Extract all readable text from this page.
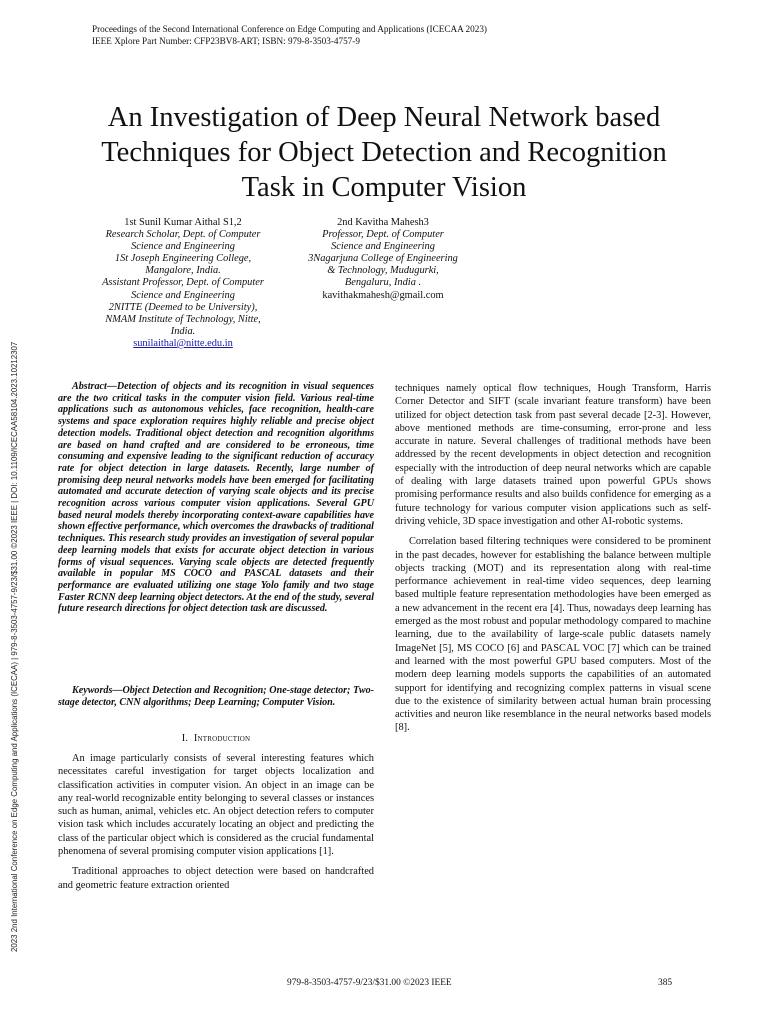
Proceedings of the Second International Conference on Edge Computing and Applications (ICECAA 2023)
IEEE Xplore Part Number: CFP23BV8-ART; ISBN: 979-8-3503-4757-9
An Investigation of Deep Neural Network based
Techniques for Object Detection and Recognition
Task in Computer Vision
1st Sunil Kumar Aithal S1,2
Research Scholar, Dept. of Computer
Science and Engineering
1St Joseph Engineering College,
Mangalore, India.
Assistant Professor, Dept. of Computer
Science and Engineering
2NITTE (Deemed to be University),
NMAM Institute of Technology, Nitte,
India.
sunilaithal@nitte.edu.in
2nd Kavitha Mahesh3
Professor, Dept. of Computer
Science and Engineering
3Nagarjuna College of Engineering
& Technology, Mudugurki,
Bengaluru, India .
kavithakmahesh@gmail.com
2023 2nd International Conference on Edge Computing and Applications (ICECAA) | 979-8-3503-4757-9/23/$31.00 ©2023 IEEE | DOI: 10.1109/ICECAA58104.2023.10212307	Abstract—Detection of objects and its recognition in visual sequences are the two critical tasks in the computer vision field. Various real-time applications such as autonomous vehicles, face recognition, health-care systems and space exploration requires highly reliable and precise object detection models. Traditional object detection and recognition algorithms are based on hand crafted and are considered to be erroneous, time consuming and expensive leading to the significant reduction of accuracy rate for object detection in large datasets. Recently, large number of promising deep neural networks models have been emerged for facilitating automated and accurate detection of varying scale objects and its precise recognition across various computer vision applications. Several GPU based neural models thereby incorporating context-aware capabilities have shown effective performance, which overcomes the drawbacks of traditional techniques. This research study provides an investigation of several popular deep learning models that exists for accurate object detection in various forms of visual sequences. Varying scale objects are detected frequently available in popular MS COCO and PASCAL datasets and their performance are evaluated utilizing one stage Yolo family and two stage Faster RCNN deep learning object detectors. At the end of the study, several future research directions for object detection task are discussed.

Keywords—Object Detection and Recognition; One-stage detector; Two-stage detector, CNN algorithms; Deep Learning; Computer Vision.

I. Introduction

An image particularly consists of several interesting features which necessitates careful investigation for target objects localization and classification activities in computer vision. An object in an image can be any real-world recognizable entity belonging to several classes or instances such as human, animal, vehicles etc. An object detection refers to computer vision task which includes accurately locating an object and predicting the class of the particular object which is considered as the crucial fundamental phenomena of several promising computer vision applications [1].

Traditional approaches to object detection were based on handcrafted and geometric feature extraction oriented

techniques namely optical flow techniques, Hough Transform, Harris Corner Detector and SIFT (scale invariant feature transform) have been utilized for object detection task from past several decade [2-3]. However, above mentioned methods are time-consuming, error-prone and less accurate in nature. Several challenges of traditional methods have been addressed by the recent developments in object detection and recognition especially with the introduction of deep neural networks which are capable of dealing with large datasets trained upon powerful GPUs shows promising performance results and also builds confidence for emerging as a future technology for various computer vision applications such as self-driving vehicle, 3D space investigation and other AI-robotic systems.

Correlation based filtering techniques were considered to be prominent in the past decades, however for establishing the balance between multiple objects tracking (MOT) and its representation along with real-time performance achievement in real-time video sequences, deep learning based multiple feature representation methodologies have been emerged as a new advancement in the recent era [4]. Thus, nowadays deep learning has emerged as the most robust and popular methodology compared to machine learning, due to the availability of large-scale public datasets namely ImageNet [5], MS COCO [6] and PASCAL VOC [7] which can be trained and learned with the most powerful GPU based computers. Most of the modern deep learning models supports the capabilities of an automated support for identifying and recognizing complex patterns in visual scene due to the existence of similarity between actual human brain processing activities and neuron like resemblance in the neural networks based models [8].

979-8-3503-4757-9/23/$31.00 ©2023 IEEE	385
